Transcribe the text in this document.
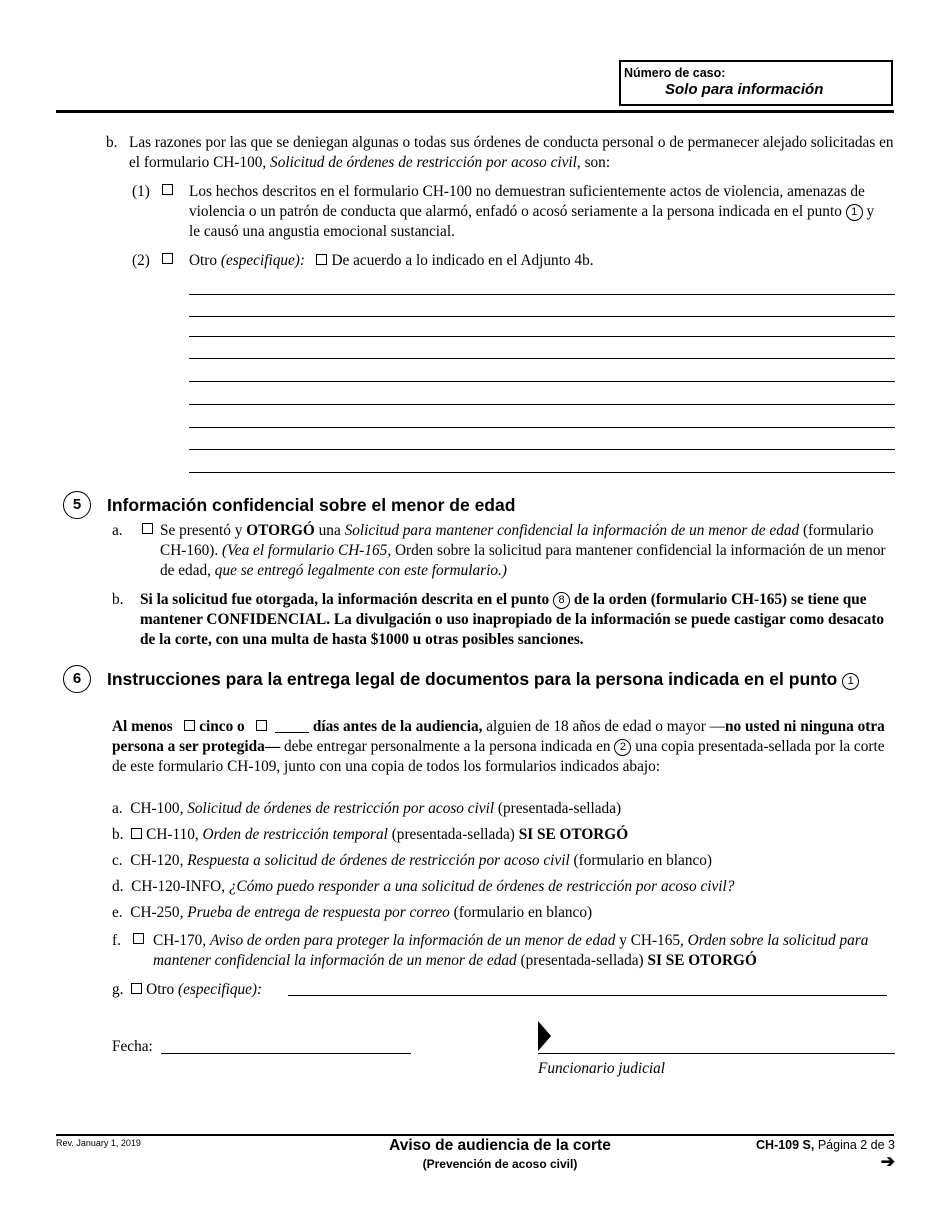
Número de caso:
Solo para información
b. Las razones por las que se deniegan algunas o todas sus órdenes de conducta personal o de permanecer alejado solicitadas en el formulario CH-100, Solicitud de órdenes de restricción por acoso civil, son:
(1)	Los hechos descritos en el formulario CH-100 no demuestran suficientemente actos de violencia, amenazas de violencia o un patrón de conducta que alarmó, enfadó o acosó seriamente a la persona indicada en el punto 1 y le causó una angustia emocional sustancial.
(2)	Otro (especifique): De acuerdo a lo indicado en el Adjunto 4b.
5	Información confidencial sobre el menor de edad
a. Se presentó y OTORGÓ una Solicitud para mantener confidencial la información de un menor de edad (formulario CH-160). (Vea el formulario CH-165, Orden sobre la solicitud para mantener confidencial la información de un menor de edad, que se entregó legalmente con este formulario.)
b. Si la solicitud fue otorgada, la información descrita en el punto 8 de la orden (formulario CH-165) se tiene que mantener CONFIDENCIAL. La divulgación o uso inapropiado de la información se puede castigar como desacato de la corte, con una multa de hasta $1000 u otras posibles sanciones.
6	Instrucciones para la entrega legal de documentos para la persona indicada en el punto 1
Al menos   cinco o	días antes de la audiencia, alguien de 18 años de edad o mayor —no usted ni ninguna otra persona a ser protegida— debe entregar personalmente a la persona indicada en 2 una copia presentada-sellada por la corte de este formulario CH-109, junto con una copia de todos los formularios indicados abajo:
a. CH-100, Solicitud de órdenes de restricción por acoso civil (presentada-sellada)
b. CH-110, Orden de restricción temporal (presentada-sellada) SI SE OTORGÓ
c. CH-120, Respuesta a solicitud de órdenes de restricción por acoso civil (formulario en blanco)
d. CH-120-INFO, ¿Cómo puedo responder a una solicitud de órdenes de restricción por acoso civil?
e. CH-250, Prueba de entrega de respuesta por correo (formulario en blanco)
f. CH-170, Aviso de orden para proteger la información de un menor de edad y CH-165, Orden sobre la solicitud para mantener confidencial la información de un menor de edad (presentada-sellada) SI SE OTORGÓ
g. Otro (especifique):
Fecha:
Funcionario judicial
Rev. January 1, 2019	Aviso de audiencia de la corte
(Prevención de acoso civil)
CH-109 S, Página 2 de 3
➔
